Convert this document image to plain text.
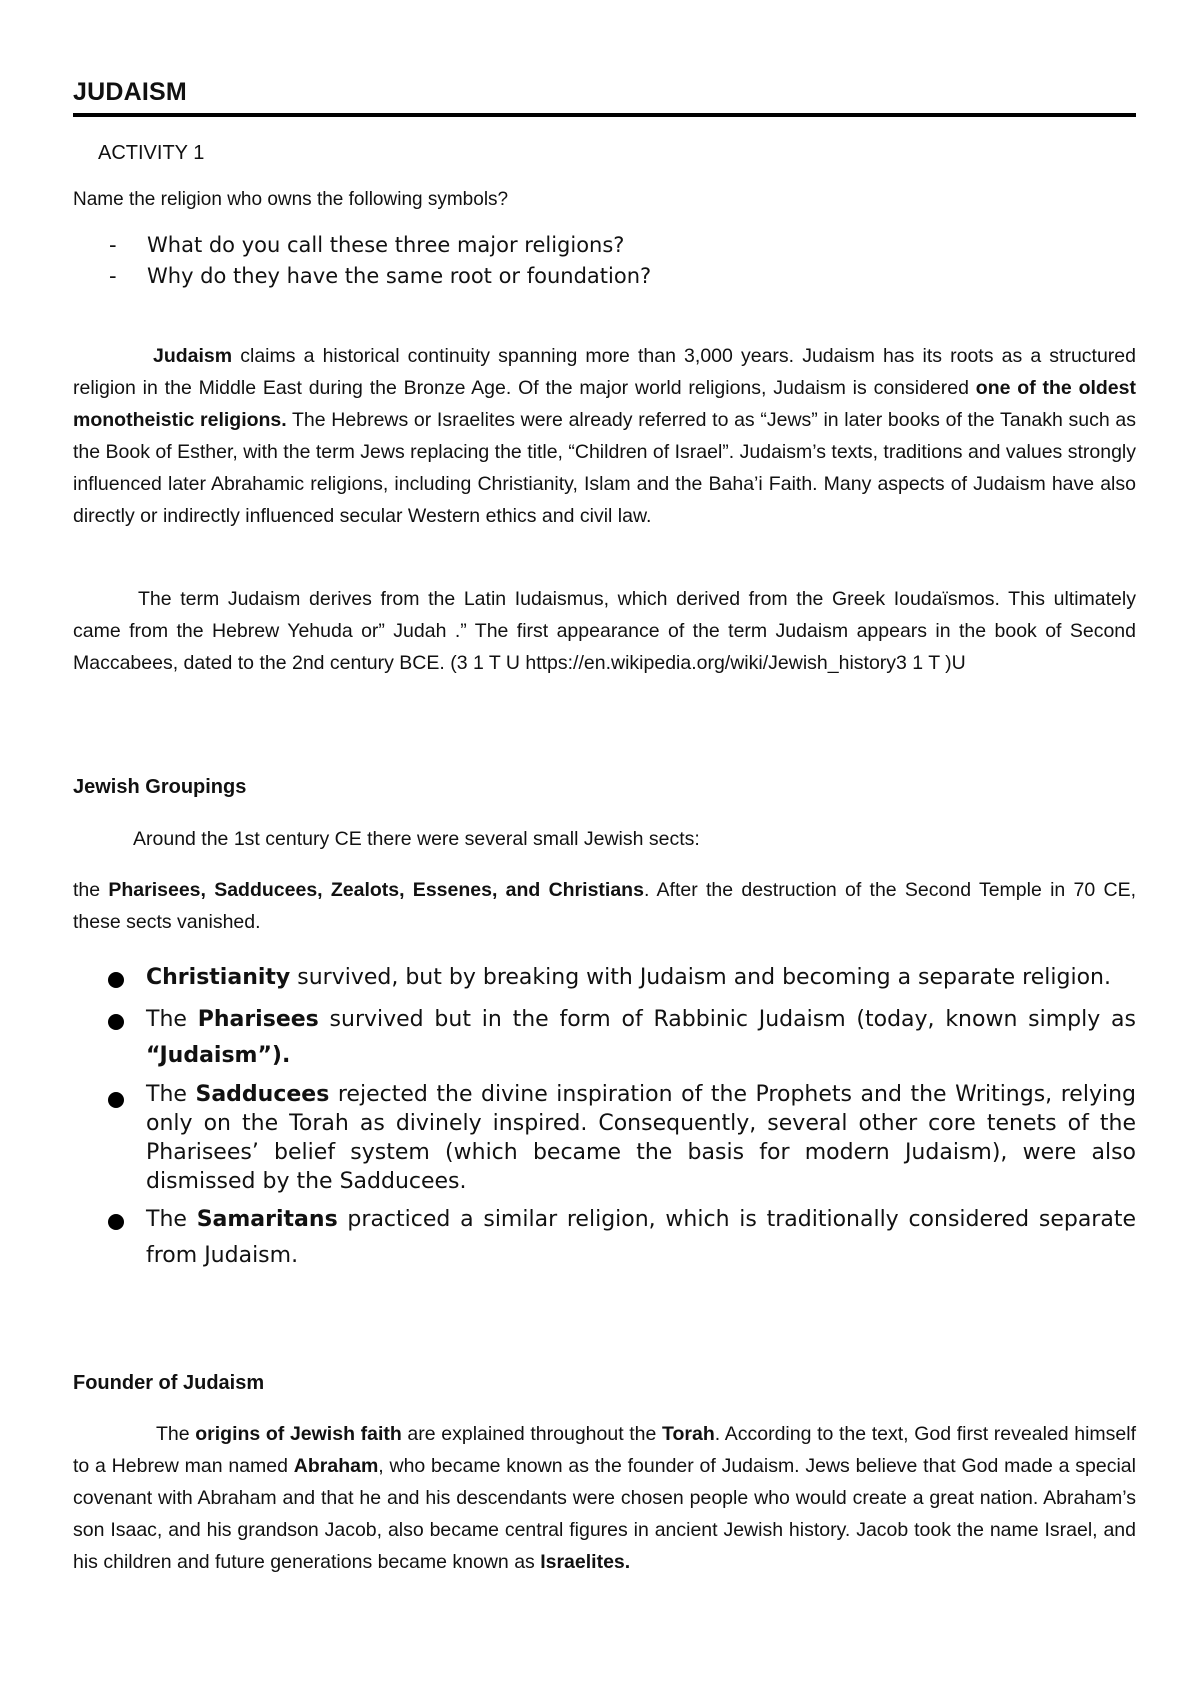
JUDAISM
ACTIVITY 1
Name the religion who owns the following symbols?
-	What do you call these three major religions?
-	Why do they have the same root or foundation?
Judaism claims a historical continuity spanning more than 3,000 years. Judaism has its roots as a structured religion in the Middle East during the Bronze Age. Of the major world religions, Judaism is considered one of the oldest monotheistic religions. The Hebrews or Israelites were already referred to as “Jews” in later books of the Tanakh such as the Book of Esther, with the term Jews replacing the title, “Children of Israel”. Judaism’s texts, traditions and values strongly influenced later Abrahamic religions, including Christianity, Islam and the Baha’i Faith. Many aspects of Judaism have also directly or indirectly influenced secular Western ethics and civil law.
The term Judaism derives from the Latin Iudaismus, which derived from the Greek Ioudaïsmos. This ultimately came from the Hebrew Yehuda or” Judah .” The first appearance of the term Judaism appears in the book of Second Maccabees, dated to the 2nd century BCE. (3 1 T U https://en.wikipedia.org/wiki/Jewish_history3 1 T )U
Jewish Groupings
Around the 1st century CE there were several small Jewish sects:
the Pharisees, Sadducees, Zealots, Essenes, and Christians. After the destruction of the Second Temple in 70 CE, these sects vanished.
Christianity survived, but by breaking with Judaism and becoming a separate religion.
The Pharisees survived but in the form of Rabbinic Judaism (today, known simply as “Judaism”).
The Sadducees rejected the divine inspiration of the Prophets and the Writings, relying only on the Torah as divinely inspired. Consequently, several other core tenets of the Pharisees’ belief system (which became the basis for modern Judaism), were also dismissed by the Sadducees.
The Samaritans practiced a similar religion, which is traditionally considered separate from Judaism.
Founder of Judaism
The origins of Jewish faith are explained throughout the Torah. According to the text, God first revealed himself to a Hebrew man named Abraham, who became known as the founder of Judaism. Jews believe that God made a special covenant with Abraham and that he and his descendants were chosen people who would create a great nation. Abraham’s son Isaac, and his grandson Jacob, also became central figures in ancient Jewish history. Jacob took the name Israel, and his children and future generations became known as Israelites.
